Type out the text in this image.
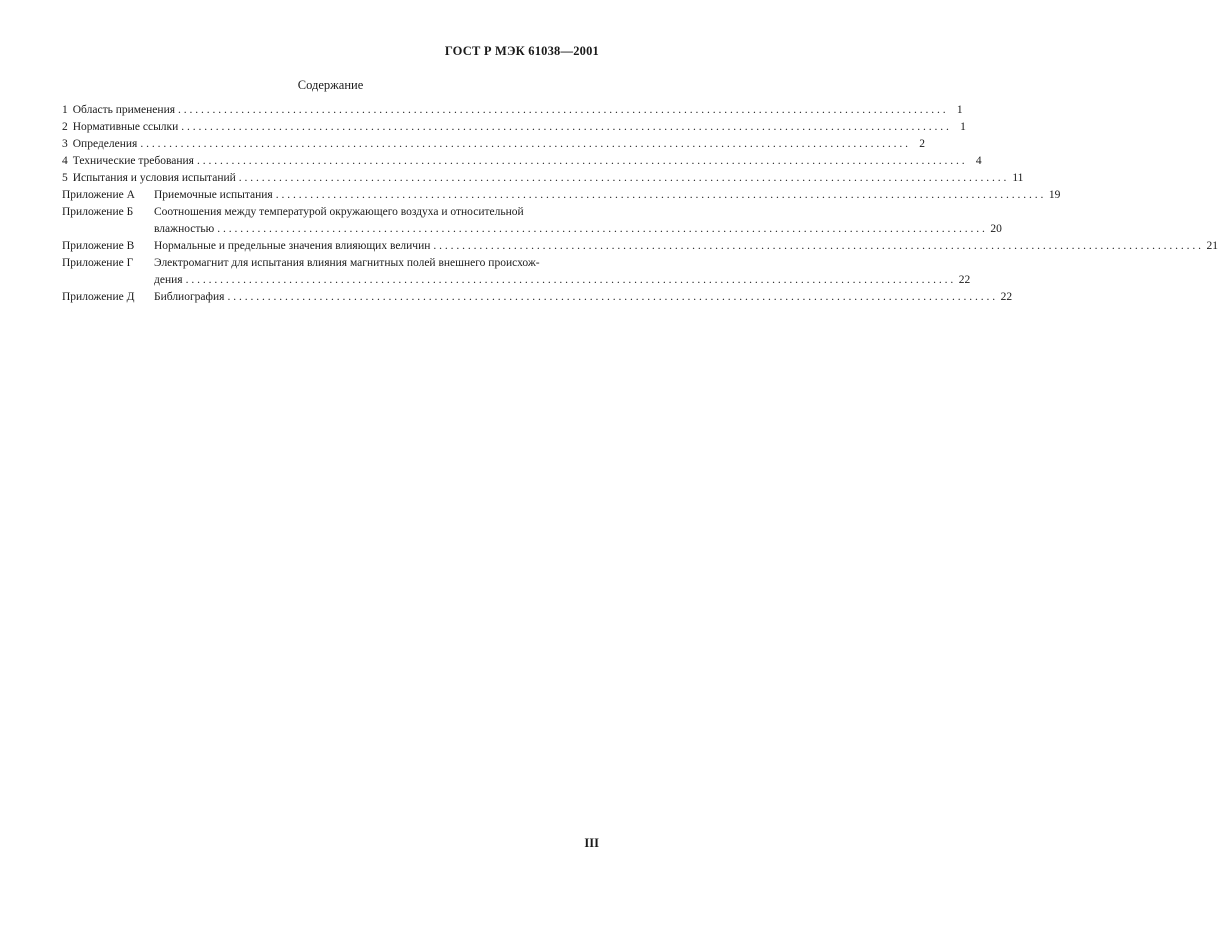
ГОСТ Р МЭК 61038—2001
Содержание
1 Область применения . . .	1
2 Нормативные ссылки . . .	1
3 Определения . . .	2
4 Технические требования . . .	4
5 Испытания и условия испытаний . . .	11
Приложение А	Приемочные испытания . . .	19
Приложение Б	Соотношения между температурой окружающего воздуха и относительной
влажностью . . .	20
Приложение В	Нормальные и предельные значения влияющих величин . . .	21
Приложение Г	Электромагнит для испытания влияния магнитных полей внешнего происхож-
дения . . .	22
Приложение Д	Библиография . . .	22
III
